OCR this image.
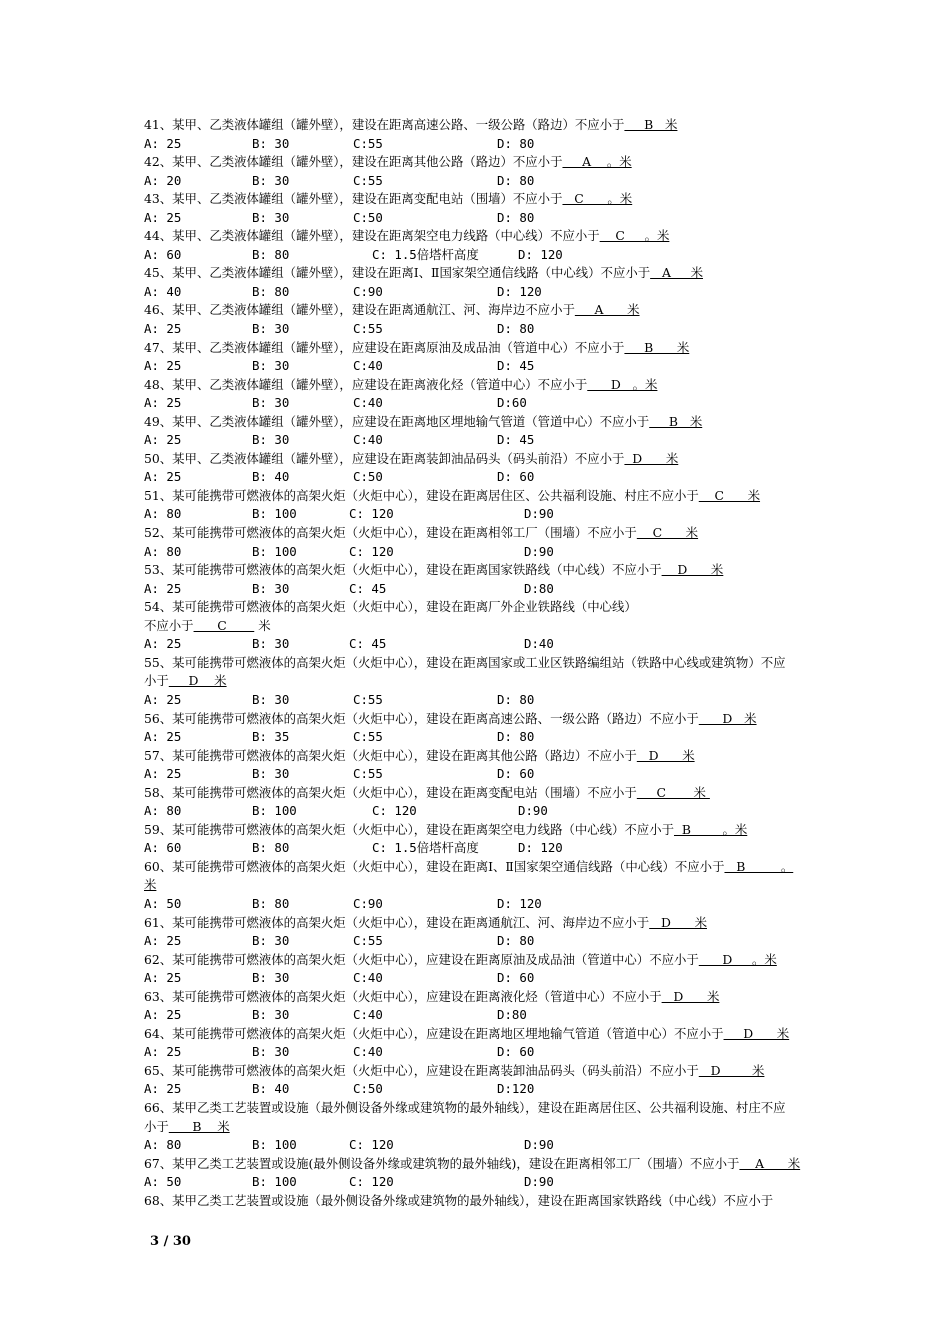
41、某甲、乙类液体罐组（罐外壁），建设在距离高速公路、一级公路（路边）不应小于     B   米
A: 25	B: 30	C:55	D: 80
42、某甲、乙类液体罐组（罐外壁），建设在距离其他公路（路边）不应小于     A    。米
A: 20	B: 30	C:55	D: 80
43、某甲、乙类液体罐组（罐外壁），建设在距离变配电站（围墙）不应小于   C      。米
A: 25	B: 30	C:50	D: 80
44、某甲、乙类液体罐组（罐外壁），建设在距离架空电力线路（中心线）不应小于    C     。米
A: 60	B: 80	C: 1.5倍塔杆高度	D: 120
45、某甲、乙类液体罐组（罐外壁），建设在距离Ⅰ、Ⅱ国家架空通信线路（中心线）不应小于   A     米
A: 40	B: 80	C:90	D: 120
46、某甲、乙类液体罐组（罐外壁），建设在距离通航江、河、海岸边不应小于     A      米
A: 25	B: 30	C:55	D: 80
47、某甲、乙类液体罐组（罐外壁），应建设在距离原油及成品油（管道中心）不应小于     B      米
A: 25	B: 30	C:40	D: 45
48、某甲、乙类液体罐组（罐外壁），应建设在距离液化烃（管道中心）不应小于      D   。米
A: 25	B: 30	C:40	D:60
49、某甲、乙类液体罐组（罐外壁），应建设在距离地区埋地输气管道（管道中心）不应小于     B   米
A: 25	B: 30	C:40	D: 45
50、某甲、乙类液体罐组（罐外壁），应建设在距离装卸油品码头（码头前沿）不应小于  D      米
A: 25	B: 40	C:50	D: 60
51、某可能携带可燃液体的高架火炬（火炬中心），建设在距离居住区、公共福利设施、村庄不应小于    C      米
A: 80	B: 100	C: 120	D:90
52、某可能携带可燃液体的高架火炬（火炬中心），建设在距离相邻工厂（围墙）不应小于    C      米
A: 80	B: 100	C: 120	D:90
53、某可能携带可燃液体的高架火炬（火炬中心），建设在距离国家铁路线（中心线）不应小于    D      米
A: 25	B: 30	C: 45	D:80
54、某可能携带可燃液体的高架火炬（火炬中心），建设在距离厂外企业铁路线（中心线）
不应小于      C        米
A: 25	B: 30	C: 45	D:40
55、某可能携带可燃液体的高架火炬（火炬中心），建设在距离国家或工业区铁路编组站（铁路中心线或建筑物）不应
小于     D    米
A: 25	B: 30	C:55	D: 80
56、某可能携带可燃液体的高架火炬（火炬中心），建设在距离高速公路、一级公路（路边）不应小于      D   米
A: 25	B: 35	C:55	D: 80
57、某可能携带可燃液体的高架火炬（火炬中心），建设在距离其他公路（路边）不应小于   D      米
A: 25	B: 30	C:55	D: 60
58、某可能携带可燃液体的高架火炬（火炬中心），建设在距离变配电站（围墙）不应小于     C       米
A: 80	B: 100	C: 120	D:90
59、某可能携带可燃液体的高架火炬（火炬中心），建设在距离架空电力线路（中心线）不应小于  B        。米
A: 60	B: 80	C: 1.5倍塔杆高度	D: 120
60、某可能携带可燃液体的高架火炬（火炬中心），建设在距离Ⅰ、Ⅱ国家架空通信线路（中心线）不应小于   B         。
米
A: 50	B: 80	C:90	D: 120
61、某可能携带可燃液体的高架火炬（火炬中心），建设在距离通航江、河、海岸边不应小于   D      米
A: 25	B: 30	C:55	D: 80
62、某可能携带可燃液体的高架火炬（火炬中心），应建设在距离原油及成品油（管道中心）不应小于      D     。米
A: 25	B: 30	C:40	D: 60
63、某可能携带可燃液体的高架火炬（火炬中心），应建设在距离液化烃（管道中心）不应小于   D      米
A: 25	B: 30	C:40	D:80
64、某可能携带可燃液体的高架火炬（火炬中心），应建设在距离地区埋地输气管道（管道中心）不应小于     D      米
A: 25	B: 30	C:40	D: 60
65、某可能携带可燃液体的高架火炬（火炬中心），应建设在距离装卸油品码头（码头前沿）不应小于   D        米
A: 25	B: 40	C:50	D:120
66、某甲乙类工艺装置或设施（最外侧设备外缘或建筑物的最外轴线），建设在距离居住区、公共福利设施、村庄不应
小于      B    米
A: 80	B: 100	C: 120	D:90
67、某甲乙类工艺装置或设施(最外侧设备外缘或建筑物的最外轴线)，建设在距离相邻工厂（围墙）不应小于    A      米
A: 50	B: 100	C: 120	D:90
68、某甲乙类工艺装置或设施（最外侧设备外缘或建筑物的最外轴线），建设在距离国家铁路线（中心线）不应小于
3 / 30
